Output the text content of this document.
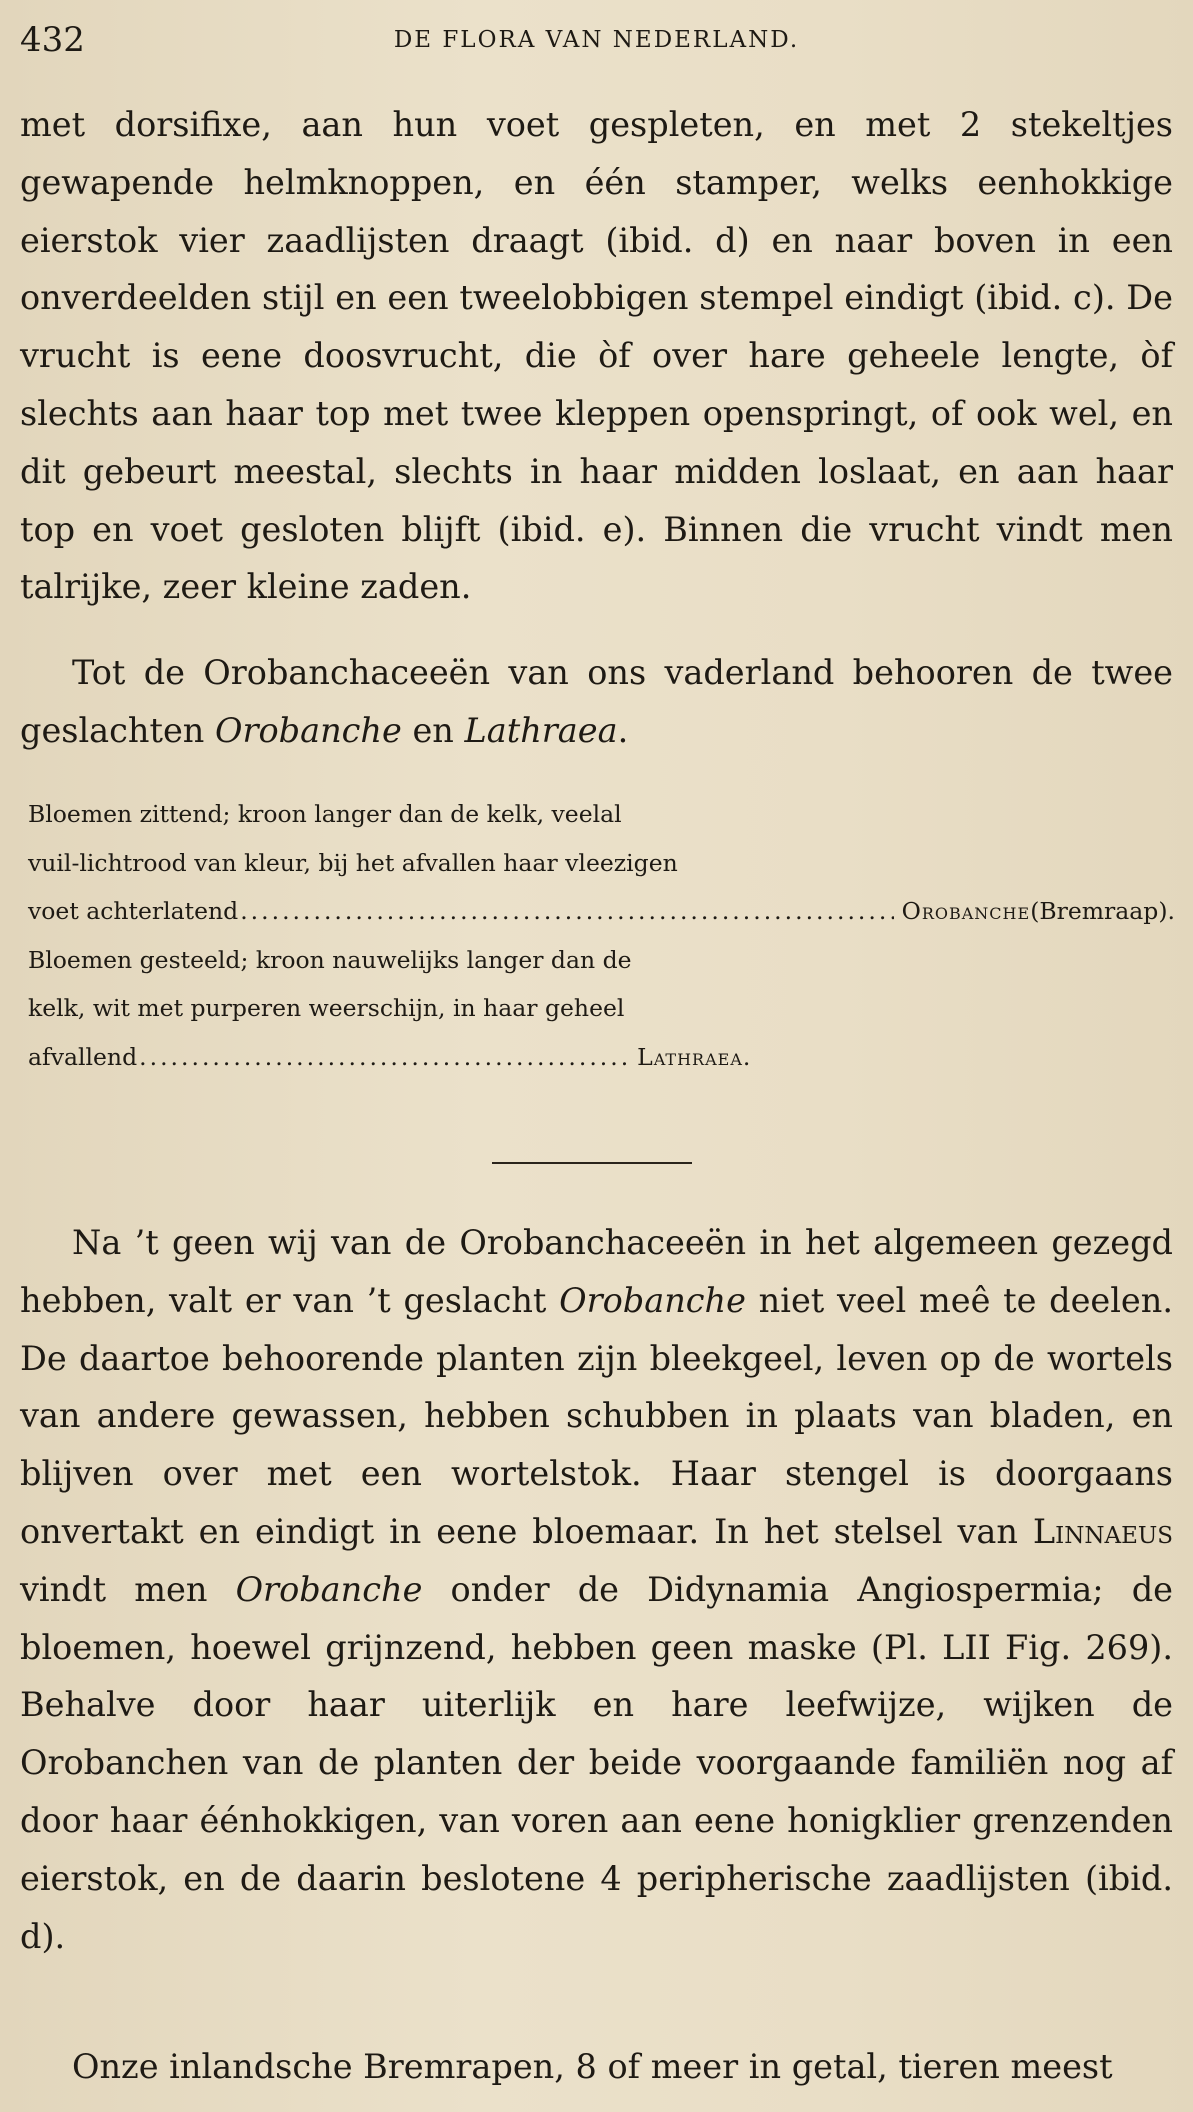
432	DE FLORA VAN NEDERLAND.

met dorsifixe, aan hun voet gespleten, en met 2 stekeltjes gewapende helmknoppen, en één stamper, welks eenhokkige eierstok vier zaadlijsten draagt (ibid. d) en naar boven in een onverdeelden stijl en een tweelobbigen stempel eindigt (ibid. c). De vrucht is eene doosvrucht, die òf over hare geheele lengte, òf slechts aan haar top met twee kleppen openspringt, of ook wel, en dit gebeurt meestal, slechts in haar midden loslaat, en aan haar top en voet gesloten blijft (ibid. e). Binnen die vrucht vindt men talrijke, zeer kleine zaden.

Tot de Orobanchaceeën van ons vaderland behooren de twee geslachten Orobanche en Lathraea.

Bloemen zittend; kroon langer dan de kelk, veelal
vuil-lichtrood van kleur, bij het afvallen haar vleezigen
voet achterlatend .....	Orobanche (Bremraap).
Bloemen gesteeld; kroon nauwelijks langer dan de
kelk, wit met purperen weerschijn, in haar geheel
afvallend .....	Lathraea .

Na ’t geen wij van de Orobanchaceeën in het algemeen gezegd hebben, valt er van ’t geslacht Orobanche niet veel meê te deelen. De daartoe behoorende planten zijn bleekgeel, leven op de wortels van andere gewassen, hebben schubben in plaats van bladen, en blijven over met een wortelstok. Haar stengel is doorgaans onvertakt en eindigt in eene bloemaar. In het stelsel van Linnaeus vindt men Orobanche onder de Didynamia Angiospermia; de bloemen, hoewel grijnzend, hebben geen maske (Pl. LII Fig. 269). Behalve door haar uiterlijk en hare leefwijze, wijken de Orobanchen van de planten der beide voorgaande familiën nog af door haar éénhokkigen, van voren aan eene honigklier grenzenden eierstok, en de daarin beslotene 4 peripherische zaadlijsten (ibid. d).

Onze inlandsche Bremrapen, 8 of meer in getal, tieren meest
